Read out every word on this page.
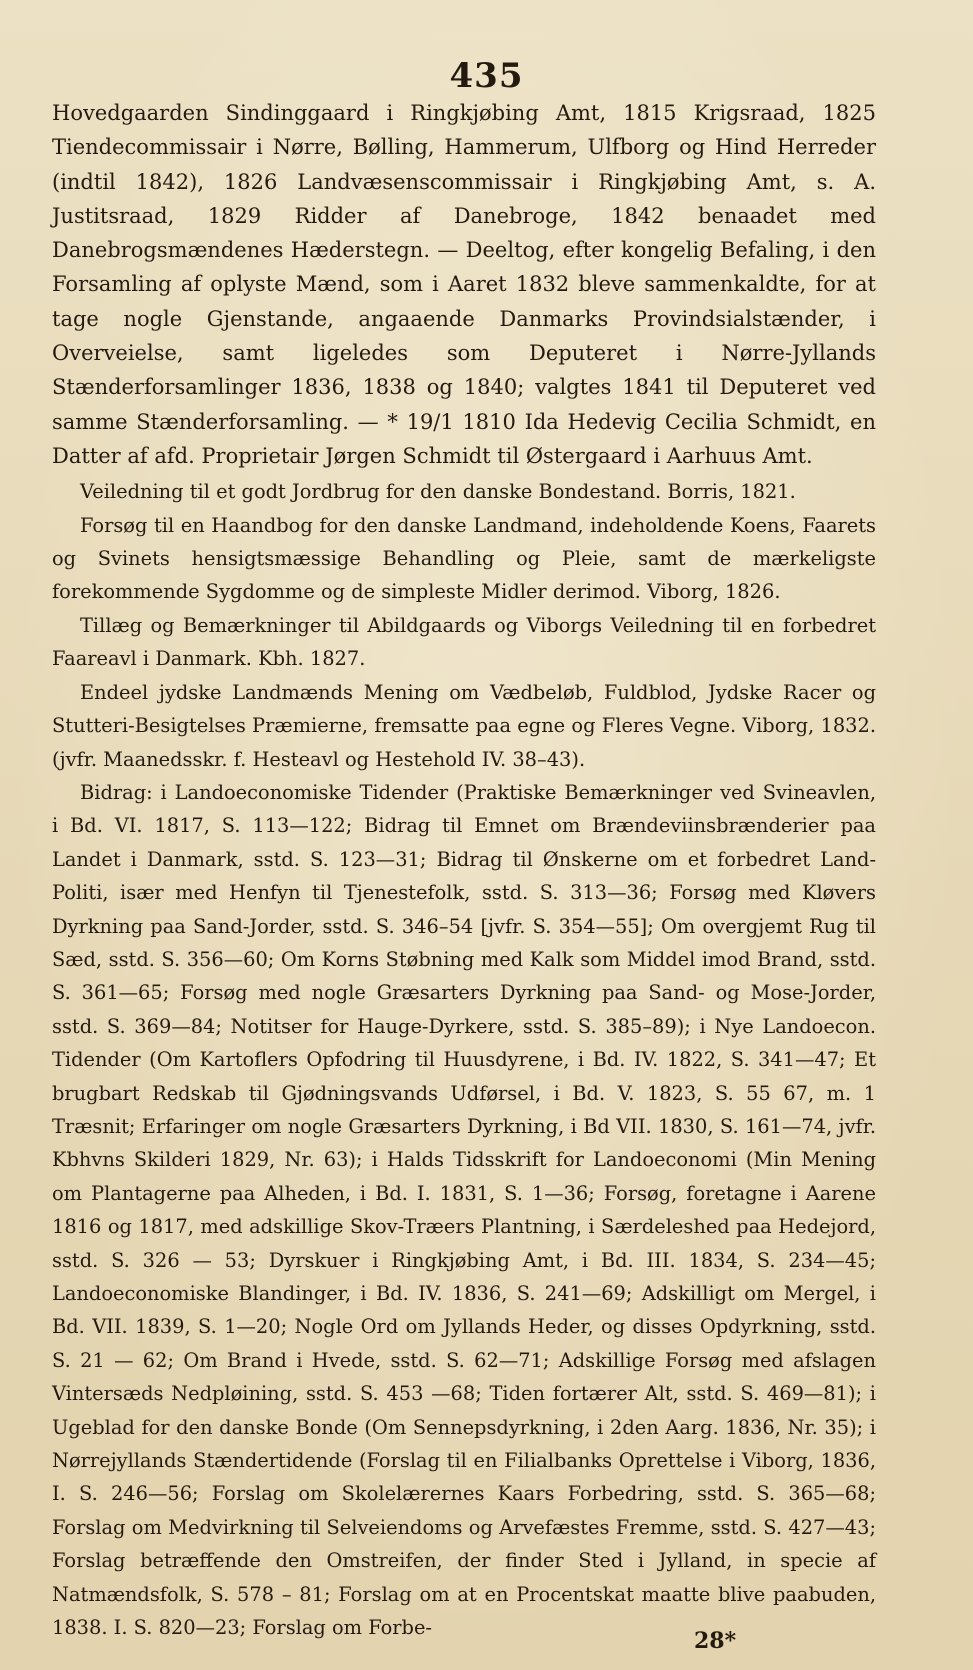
435

Hovedgaarden Sindinggaard i Ringkjøbing Amt, 1815 Krigsraad, 1825 Tiendecommissair i Nørre, Bølling, Hammerum, Ulfborg og Hind Herreder (indtil 1842), 1826 Landvæsenscommissair i Ringkjøbing Amt, s. A. Justitsraad, 1829 Ridder af Danebroge, 1842 benaadet med Danebrogsmændenes Hæderstegn. — Deeltog, efter kongelig Befaling, i den Forsamling af oplyste Mænd, som i Aaret 1832 bleve sammenkaldte, for at tage nogle Gjenstande, angaaende Danmarks Provindsialstænder, i Overveielse, samt ligeledes som Deputeret i Nørre-Jyllands Stænderforsamlinger 1836, 1838 og 1840; valgtes 1841 til Deputeret ved samme Stænderforsamling. — * 19/1 1810 Ida Hedevig Cecilia Schmidt, en Datter af afd. Proprietair Jørgen Schmidt til Østergaard i Aarhuus Amt.

Veiledning til et godt Jordbrug for den danske Bondestand. Borris, 1821.

Forsøg til en Haandbog for den danske Landmand, indeholdende Koens, Faarets og Svinets hensigtsmæssige Behandling og Pleie, samt de mærkeligste forekommende Sygdomme og de simpleste Midler derimod. Viborg, 1826.

Tillæg og Bemærkninger til Abildgaards og Viborgs Veiledning til en forbedret Faareavl i Danmark. Kbh. 1827.

Endeel jydske Landmænds Mening om Vædbeløb, Fuldblod, Jydske Racer og Stutteri-Besigtelses Præmierne, fremsatte paa egne og Fleres Vegne. Viborg, 1832. (jvfr. Maanedsskr. f. Hesteavl og Hestehold IV. 38–43).

Bidrag: i Landoeconomiske Tidender (Praktiske Bemærkninger ved Svineavlen, i Bd. VI. 1817, S. 113—122; Bidrag til Emnet om Brændeviinsbrænderier paa Landet i Danmark, sstd. S. 123—31; Bidrag til Ønskerne om et forbedret Land-Politi, især med Henfyn til Tjenestefolk, sstd. S. 313—36; Forsøg med Kløvers Dyrkning paa Sand-Jorder, sstd. S. 346–54 [jvfr. S. 354—55]; Om overgjemt Rug til Sæd, sstd. S. 356—60; Om Korns Støbning med Kalk som Middel imod Brand, sstd. S. 361—65; Forsøg med nogle Græsarters Dyrkning paa Sand- og Mose-Jorder, sstd. S. 369—84; Notitser for Hauge-Dyrkere, sstd. S. 385–89); i Nye Landoecon. Tidender (Om Kartoflers Opfodring til Huusdyrene, i Bd. IV. 1822, S. 341—47; Et brugbart Redskab til Gjødningsvands Udførsel, i Bd. V. 1823, S. 55 67, m. 1 Træsnit; Erfaringer om nogle Græsarters Dyrkning, i Bd VII. 1830, S. 161—74, jvfr. Kbhvns Skilderi 1829, Nr. 63); i Halds Tidsskrift for Landoeconomi (Min Mening om Plantagerne paa Alheden, i Bd. I. 1831, S. 1—36; Forsøg, foretagne i Aarene 1816 og 1817, med adskillige Skov-Træers Plantning, i Særdeleshed paa Hedejord, sstd. S. 326 — 53; Dyrskuer i Ringkjøbing Amt, i Bd. III. 1834, S. 234—45; Landoeconomiske Blandinger, i Bd. IV. 1836, S. 241—69; Adskilligt om Mergel, i Bd. VII. 1839, S. 1—20; Nogle Ord om Jyllands Heder, og disses Opdyrkning, sstd. S. 21 — 62; Om Brand i Hvede, sstd. S. 62—71; Adskillige Forsøg med afslagen Vintersæds Nedpløining, sstd. S. 453 —68; Tiden fortærer Alt, sstd. S. 469—81); i Ugeblad for den danske Bonde (Om Sennepsdyrkning, i 2den Aarg. 1836, Nr. 35); i Nørrejyllands Stændertidende (Forslag til en Filialbanks Oprettelse i Viborg, 1836, I. S. 246—56; Forslag om Skolelærernes Kaars Forbedring, sstd. S. 365—68; Forslag om Medvirkning til Selveiendoms og Arvefæstes Fremme, sstd. S. 427—43; Forslag betræffende den Omstreifen, der finder Sted i Jylland, in specie af Natmændsfolk, S. 578 – 81; Forslag om at en Procentskat maatte blive paabuden, 1838. I. S. 820—23; Forslag om Forbe-

28*
